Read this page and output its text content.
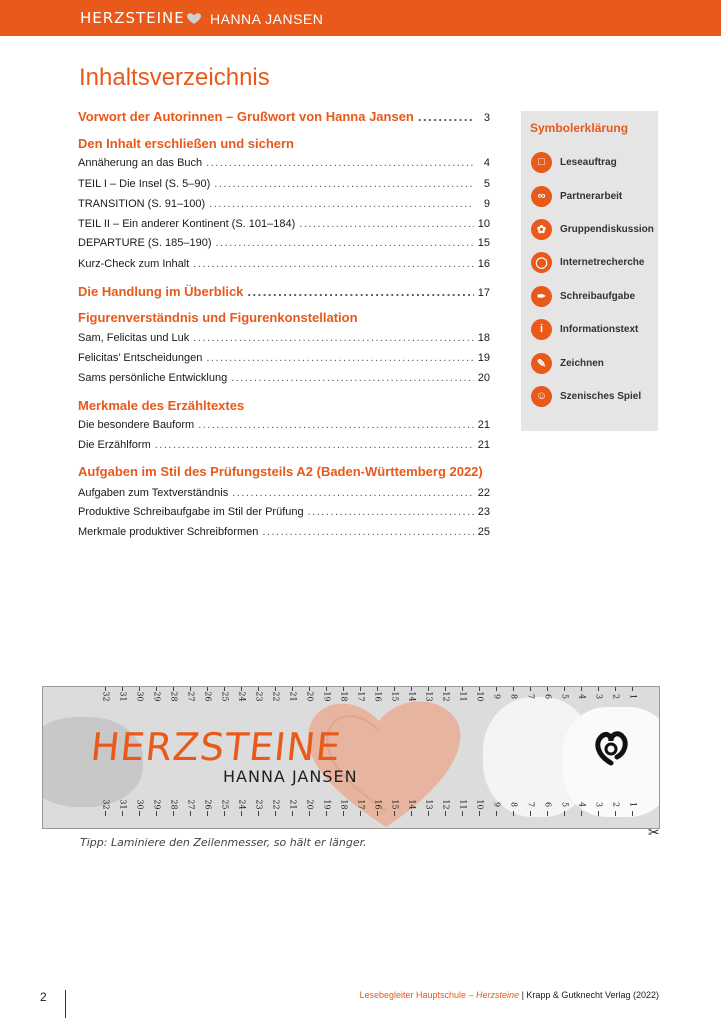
HERZSTEINE HANNA JANSEN
Inhaltsverzeichnis
Vorwort der Autorinnen – Grußwort von Hanna Jansen .....	3
Den Inhalt erschließen und sichern
Annäherung an das Buch .....	4
TEIL I – Die Insel (S. 5–90) .....	5
TRANSITION (S. 91–100) .....	9
TEIL II – Ein anderer Kontinent (S. 101–184) .....	10
DEPARTURE (S. 185–190) .....	15
Kurz-Check zum Inhalt .....	16
Die Handlung im Überblick .....	17
Figurenverständnis und Figurenkonstellation
Sam, Felicitas und Luk .....	18
Felicitas’ Entscheidungen .....	19
Sams persönliche Entwicklung .....	20
Merkmale des Erzähltextes
Die besondere Bauform .....	21
Die Erzählform .....	21
Aufgaben im Stil des Prüfungsteils A2 (Baden-Württemberg 2022)
Aufgaben zum Textverständnis .....	22
Produktive Schreibaufgabe im Stil der Prüfung .....	23
Merkmale produktiver Schreibformen .....	25
Symbolerklärung
□	Leseauftrag
∞	Partnerarbeit
✿	Gruppendiskussion
◯	Internetrecherche
✒	Schreibaufgabe
i	Informationstext
✎	Zeichnen
☺	Szenisches Spiel
32 31 30 29 28 27 26 25 24 23 22 21 20 19 18 17 16 15 14 13 12 11 10 9 8 7 6 5 4 3 2 1
32 31 30 29 28 27 26 25 24 23 22 21 20 19 18 17 16 15 14 13 12 11 10 9 8 7 6 5 4 3 2 1
HERZSTEINE
HANNA JANSEN
✂
Tipp: Laminiere den Zeilenmesser, so hält er länger.
2	Lesebegleiter Hauptschule – Herzsteine | Krapp & Gutknecht Verlag (2022)
